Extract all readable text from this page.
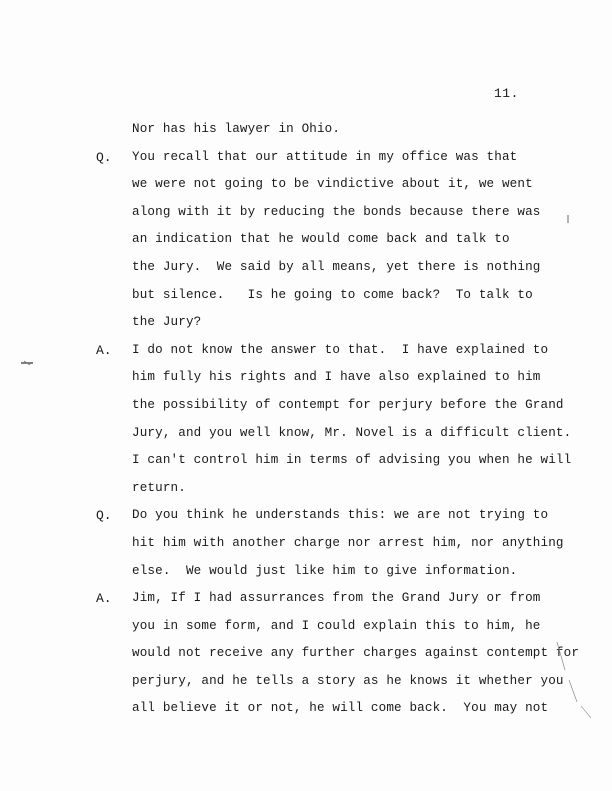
11.
Nor has his lawyer in Ohio.
Q. You recall that our attitude in my office was that
we were not going to be vindictive about it, we went
along with it by reducing the bonds because there was
an indication that he would come back and talk to
the Jury.  We said by all means, yet there is nothing
but silence.   Is he going to come back?  To talk to
the Jury?
A. I do not know the answer to that.  I have explained to
him fully his rights and I have also explained to him
the possibility of contempt for perjury before the Grand
Jury, and you well know, Mr. Novel is a difficult client.
I can't control him in terms of advising you when he will
return.
Q. Do you think he understands this: we are not trying to
hit him with another charge nor arrest him, nor anything
else.  We would just like him to give information.
A. Jim, If I had assurrances from the Grand Jury or from
you in some form, and I could explain this to him, he
would not receive any further charges against contempt for
perjury, and he tells a story as he knows it whether you
all believe it or not, he will come back.  You may not
